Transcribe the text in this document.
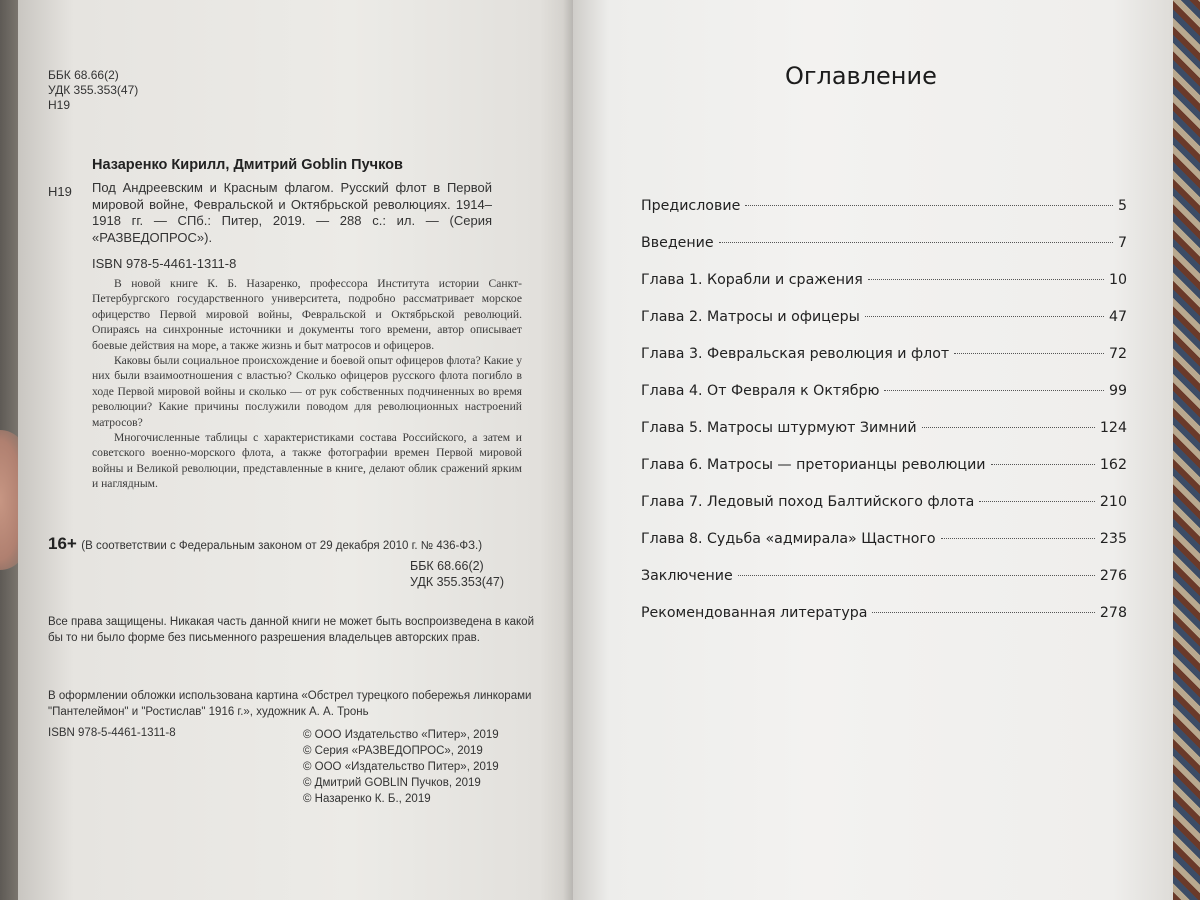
ББК 68.66(2)
УДК 355.353(47)
Н19
Назаренко Кирилл, Дмитрий Goblin Пучков
Н19 Под Андреевским и Красным флагом. Русский флот в Первой мировой войне, Февральской и Октябрьской революциях. 1914–1918 гг. — СПб.: Питер, 2019. — 288 с.: ил. — (Серия «РАЗВЕДОПРОС»).
ISBN 978-5-4461-1311-8

В новой книге К. Б. Назаренко, профессора Института истории Санкт-Петербургского государственного университета, подробно рассматривает морское офицерство Первой мировой войны, Февральской и Октябрьской революций. Опираясь на синхронные источники и документы того времени, автор описывает боевые действия на море, а также жизнь и быт матросов и офицеров.

Каковы были социальное происхождение и боевой опыт офицеров флота? Какие у них были взаимоотношения с властью? Сколько офицеров русского флота погибло в ходе Первой мировой войны и сколько — от рук собственных подчиненных во время революции? Какие причины послужили поводом для революционных настроений матросов?

Многочисленные таблицы с характеристиками состава Российского, а затем и советского военно-морского флота, а также фотографии времен Первой мировой войны и Великой революции, представленные в книге, делают облик сражений ярким и наглядным.

16+ (В соответствии с Федеральным законом от 29 декабря 2010 г. № 436-ФЗ.)
ББК 68.66(2)
УДК 355.353(47)
Все права защищены. Никакая часть данной книги не может быть воспроизведена в какой бы то ни было форме без письменного разрешения владельцев авторских прав.
В оформлении обложки использована картина «Обстрел турецкого побережья линкорами "Пантелеймон" и "Ростислав" 1916 г.», художник А. А. Тронь
ISBN 978-5-4461-1311-8	© ООО Издательство «Питер», 2019
© Серия «РАЗВЕДОПРОС», 2019
© ООО «Издательство Питер», 2019
© Дмитрий GOBLIN Пучков, 2019
© Назаренко К. Б., 2019
Оглавление
Предисловие	5
Введение	7
Глава 1. Корабли и сражения	10
Глава 2. Матросы и офицеры	47
Глава 3. Февральская революция и флот	72
Глава 4. От Февраля к Октябрю	99
Глава 5. Матросы штурмуют Зимний	124
Глава 6. Матросы — преторианцы революции	162
Глава 7. Ледовый поход Балтийского флота	210
Глава 8. Судьба «адмирала» Щастного	235
Заключение	276
Рекомендованная литература	278
